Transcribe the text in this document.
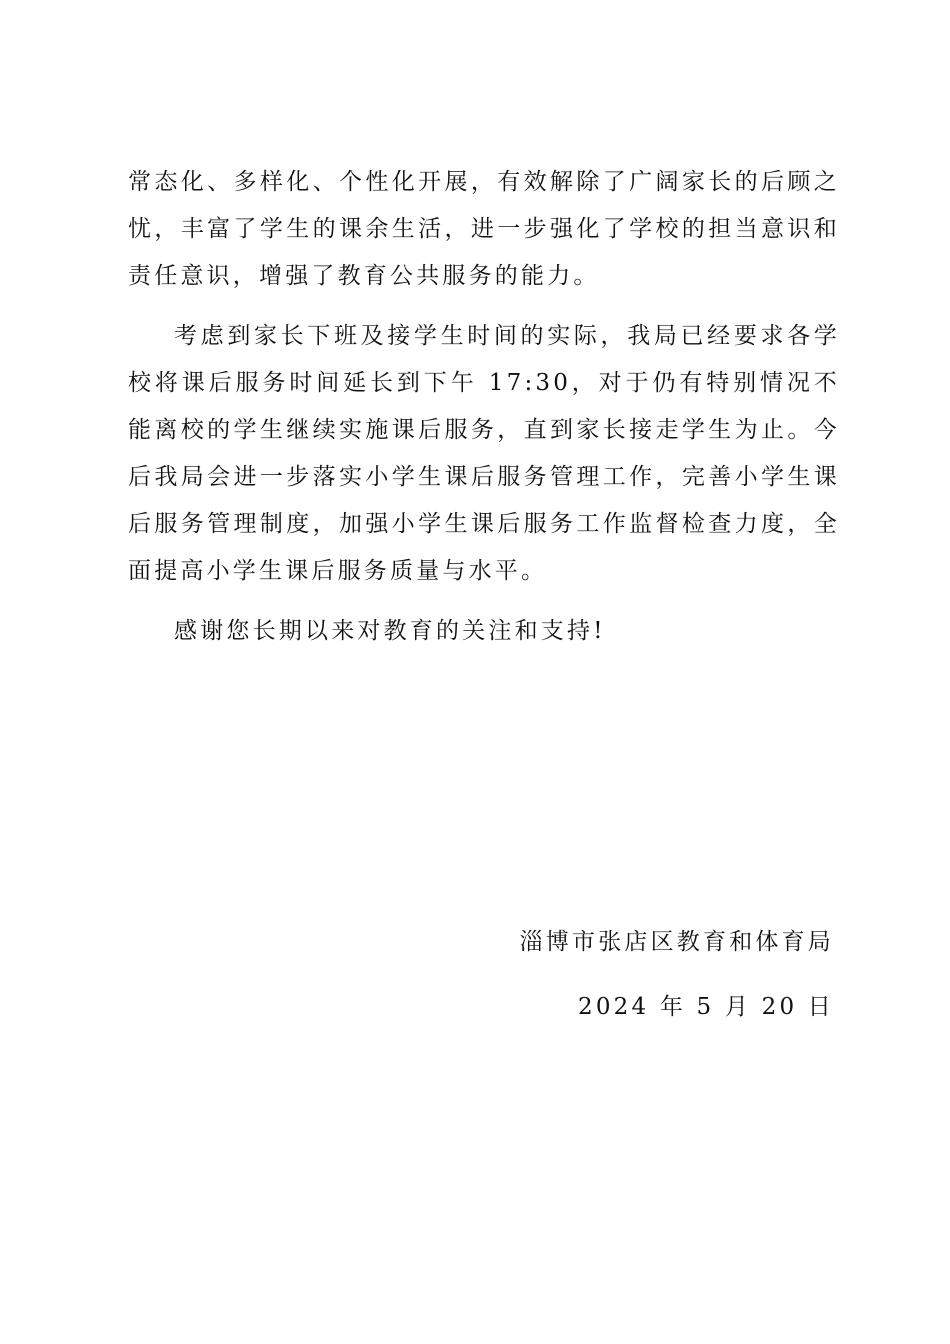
常态化、多样化、个性化开展，有效解除了广阔家长的后顾之忧，丰富了学生的课余生活，进一步强化了学校的担当意识和责任意识，增强了教育公共服务的能力。

考虑到家长下班及接学生时间的实际，我局已经要求各学校将课后服务时间延长到下午 17:30，对于仍有特别情况不能离校的学生继续实施课后服务，直到家长接走学生为止。今后我局会进一步落实小学生课后服务管理工作，完善小学生课后服务管理制度，加强小学生课后服务工作监督检查力度，全面提高小学生课后服务质量与水平。

感谢您长期以来对教育的关注和支持!

淄博市张店区教育和体育局
2024 年 5 月 20 日
